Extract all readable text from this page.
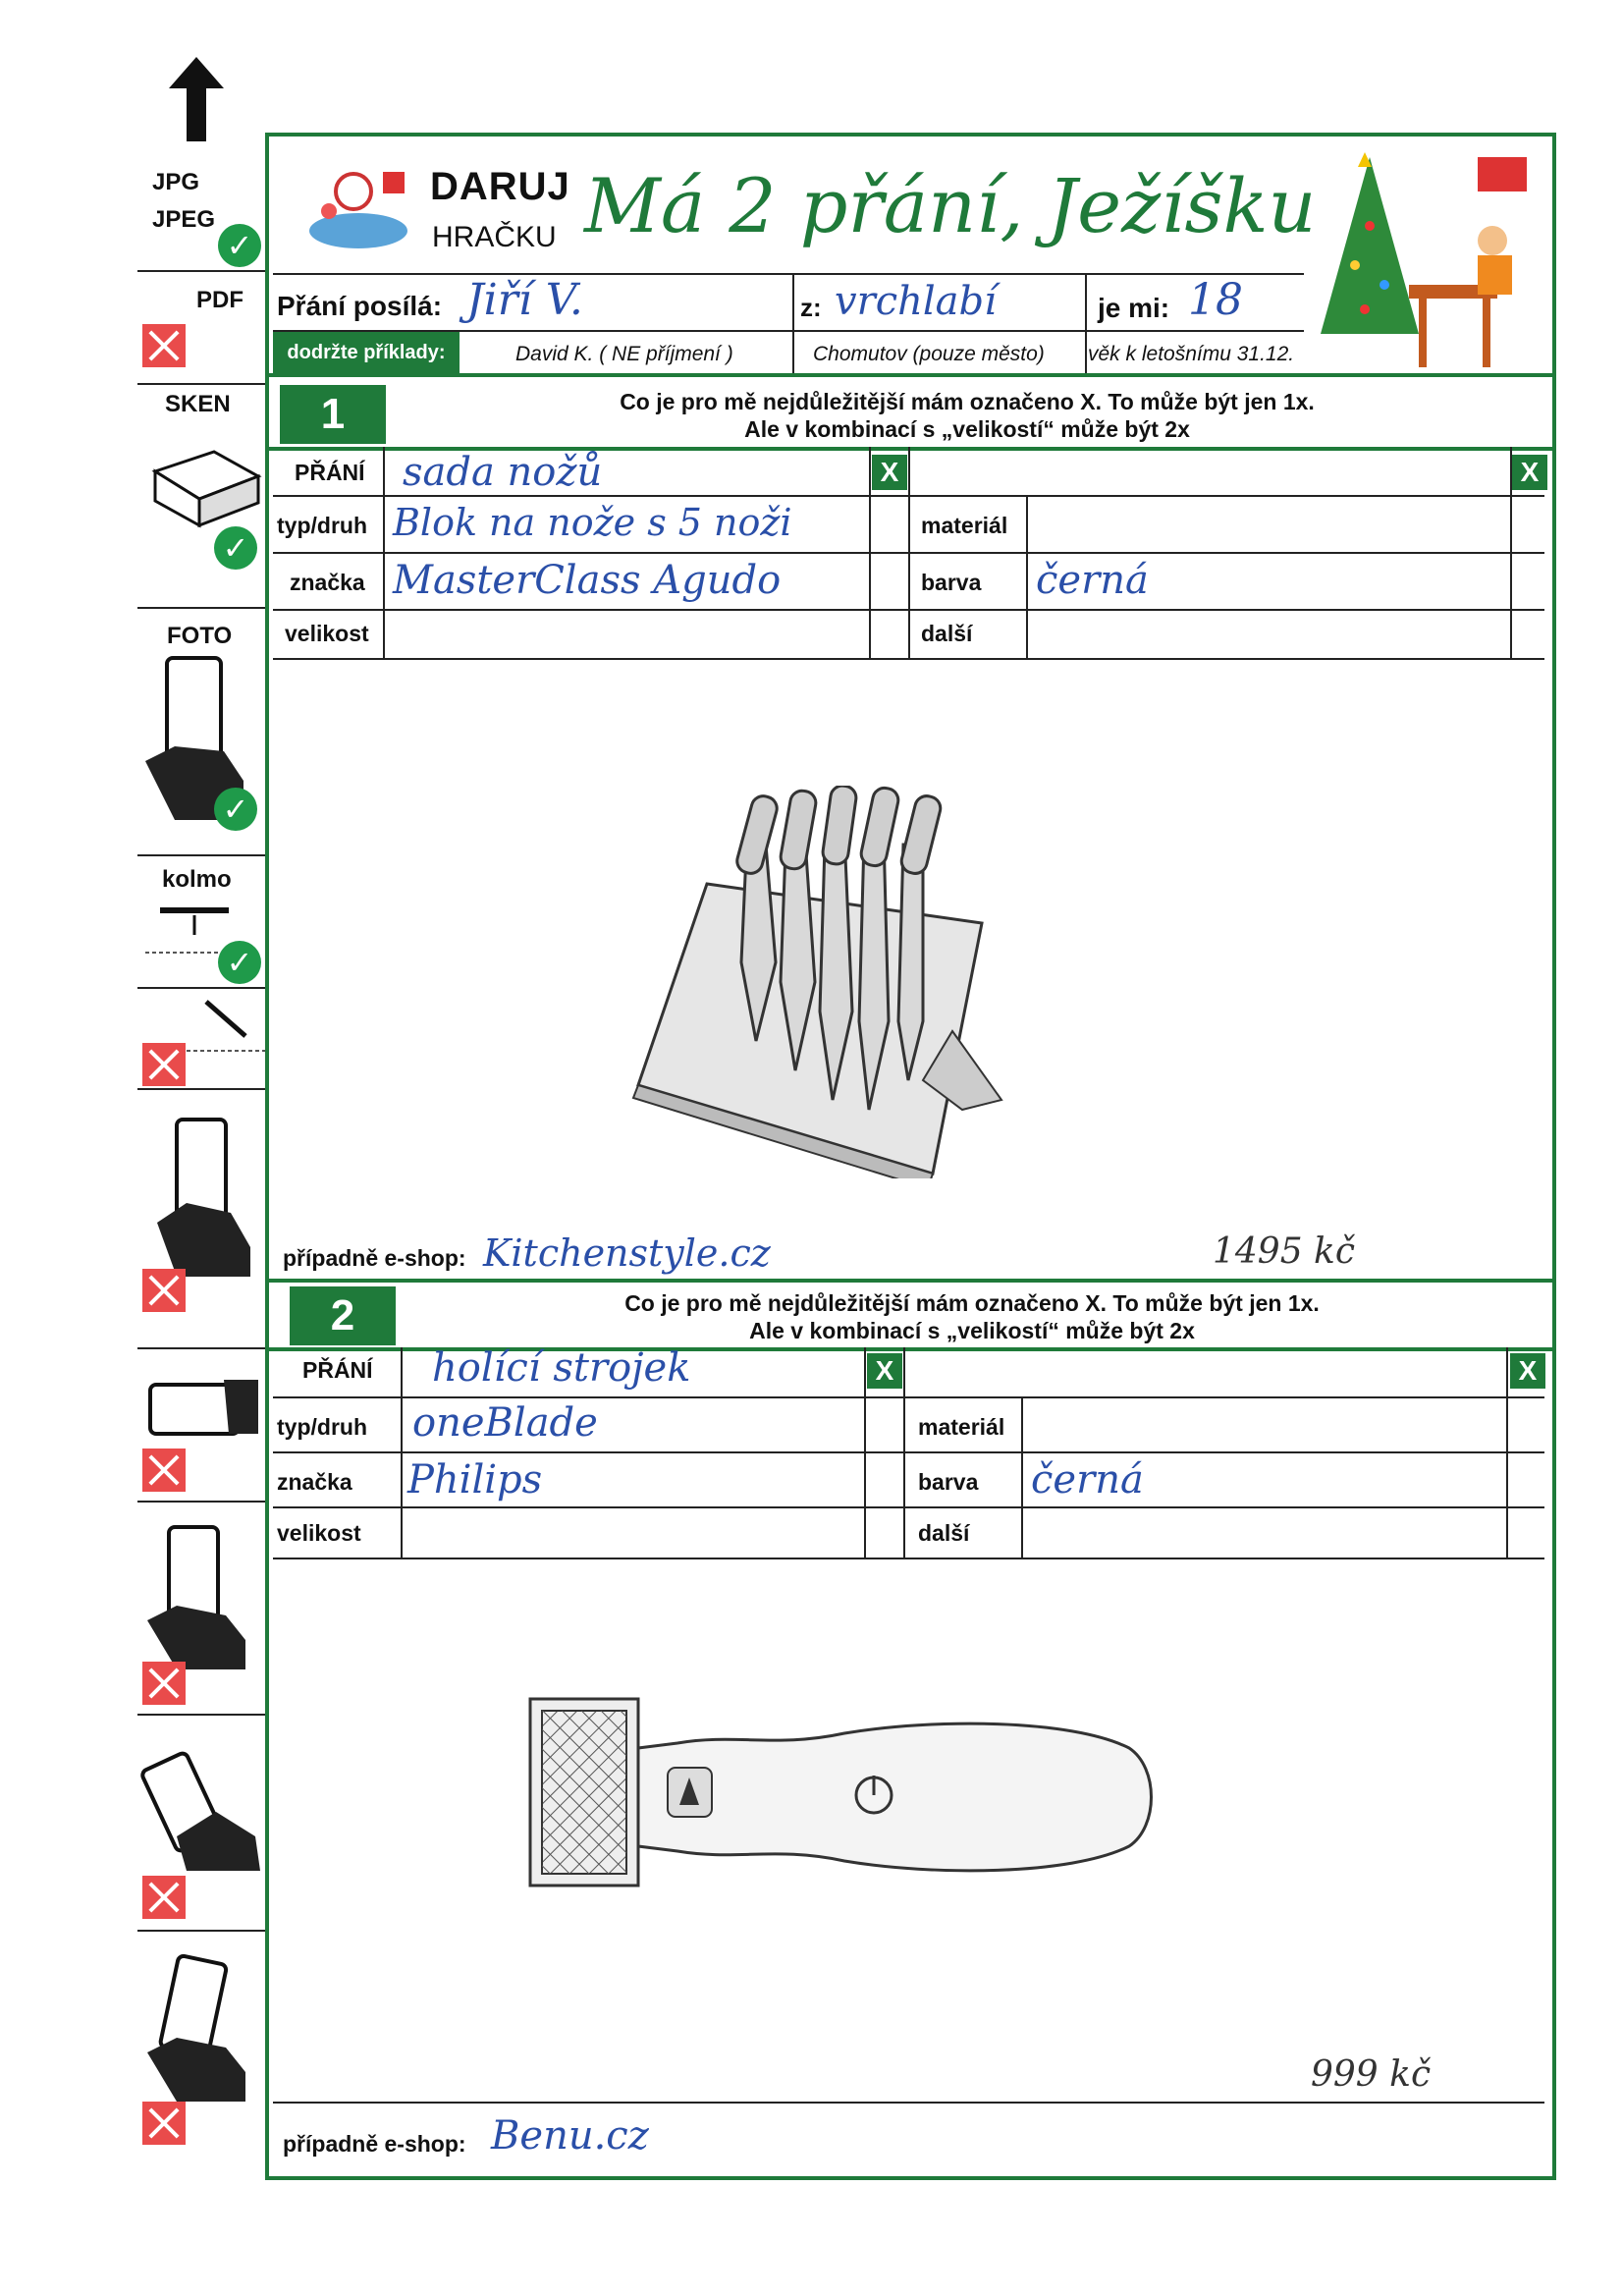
JPG
JPEG
✓
PDF
SKEN
✓
FOTO
✓
kolmo
✓
DARUJ
HRAČKU Má 2 přání, Ježíšku
Přání posílá: Jiří V.	z: vrchlabí	je mi: 18
dodržte příklady:	David K. ( NE příjmení )	Chomutov (pouze město) věk k letošnímu 31.12.
1	Co je pro mě nejdůležitější mám označeno X. To může být jen 1x.
Ale v kombinací s „velikostí“ může být 2x
PŘÁNÍ sada nožů	X	X
typ/druh Blok na nože s 5 noži	materiál
značka MasterClass Agudo	barva černá
velikost	další
případně e-shop: Kitchenstyle.cz	1495 kč
2	Co je pro mě nejdůležitější mám označeno X. To může být jen 1x.
Ale v kombinací s „velikostí“ může být 2x
PŘÁNÍ holící strojek	X	X
typ/druh oneBlade	materiál
značka Philips	barva černá
velikost	další
999 kč
případně e-shop: Benu.cz
